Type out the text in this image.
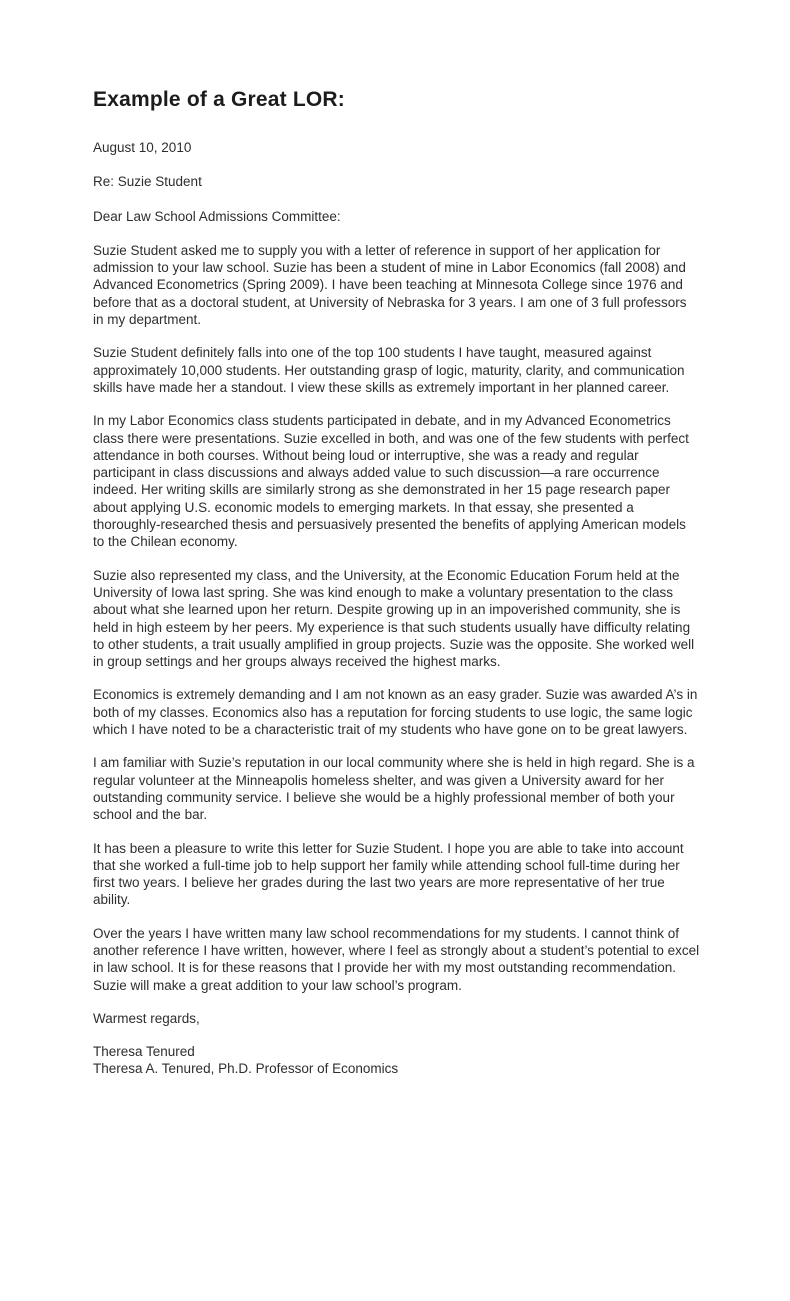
Example of a Great LOR:
August 10, 2010
Re: Suzie Student
Dear Law School Admissions Committee:

Suzie Student asked me to supply you with a letter of reference in support of her application for admission to your law school. Suzie has been a student of mine in Labor Economics (fall 2008) and Advanced Econometrics (Spring 2009). I have been teaching at Minnesota College since 1976 and before that as a doctoral student, at University of Nebraska for 3 years. I am one of 3 full professors in my department.

Suzie Student definitely falls into one of the top 100 students I have taught, measured against approximately 10,000 students. Her outstanding grasp of logic, maturity, clarity, and communication skills have made her a standout. I view these skills as extremely important in her planned career.

In my Labor Economics class students participated in debate, and in my Advanced Econometrics class there were presentations. Suzie excelled in both, and was one of the few students with perfect attendance in both courses. Without being loud or interruptive, she was a ready and regular participant in class discussions and always added value to such discussion—a rare occurrence indeed. Her writing skills are similarly strong as she demonstrated in her 15 page research paper about applying U.S. economic models to emerging markets. In that essay, she presented a thoroughly-researched thesis and persuasively presented the benefits of applying American models to the Chilean economy.

Suzie also represented my class, and the University, at the Economic Education Forum held at the University of Iowa last spring. She was kind enough to make a voluntary presentation to the class about what she learned upon her return. Despite growing up in an impoverished community, she is held in high esteem by her peers. My experience is that such students usually have difficulty relating to other students, a trait usually amplified in group projects. Suzie was the opposite. She worked well in group settings and her groups always received the highest marks.

Economics is extremely demanding and I am not known as an easy grader. Suzie was awarded A’s in both of my classes. Economics also has a reputation for forcing students to use logic, the same logic which I have noted to be a characteristic trait of my students who have gone on to be great lawyers.

I am familiar with Suzie’s reputation in our local community where she is held in high regard. She is a regular volunteer at the Minneapolis homeless shelter, and was given a University award for her outstanding community service. I believe she would be a highly professional member of both your school and the bar.

It has been a pleasure to write this letter for Suzie Student. I hope you are able to take into account that she worked a full-time job to help support her family while attending school full-time during her first two years. I believe her grades during the last two years are more representative of her true ability.

Over the years I have written many law school recommendations for my students. I cannot think of another reference I have written, however, where I feel as strongly about a student’s potential to excel in law school. It is for these reasons that I provide her with my most outstanding recommendation. Suzie will make a great addition to your law school’s program.

Warmest regards,
Theresa Tenured
Theresa A. Tenured, Ph.D. Professor of Economics
